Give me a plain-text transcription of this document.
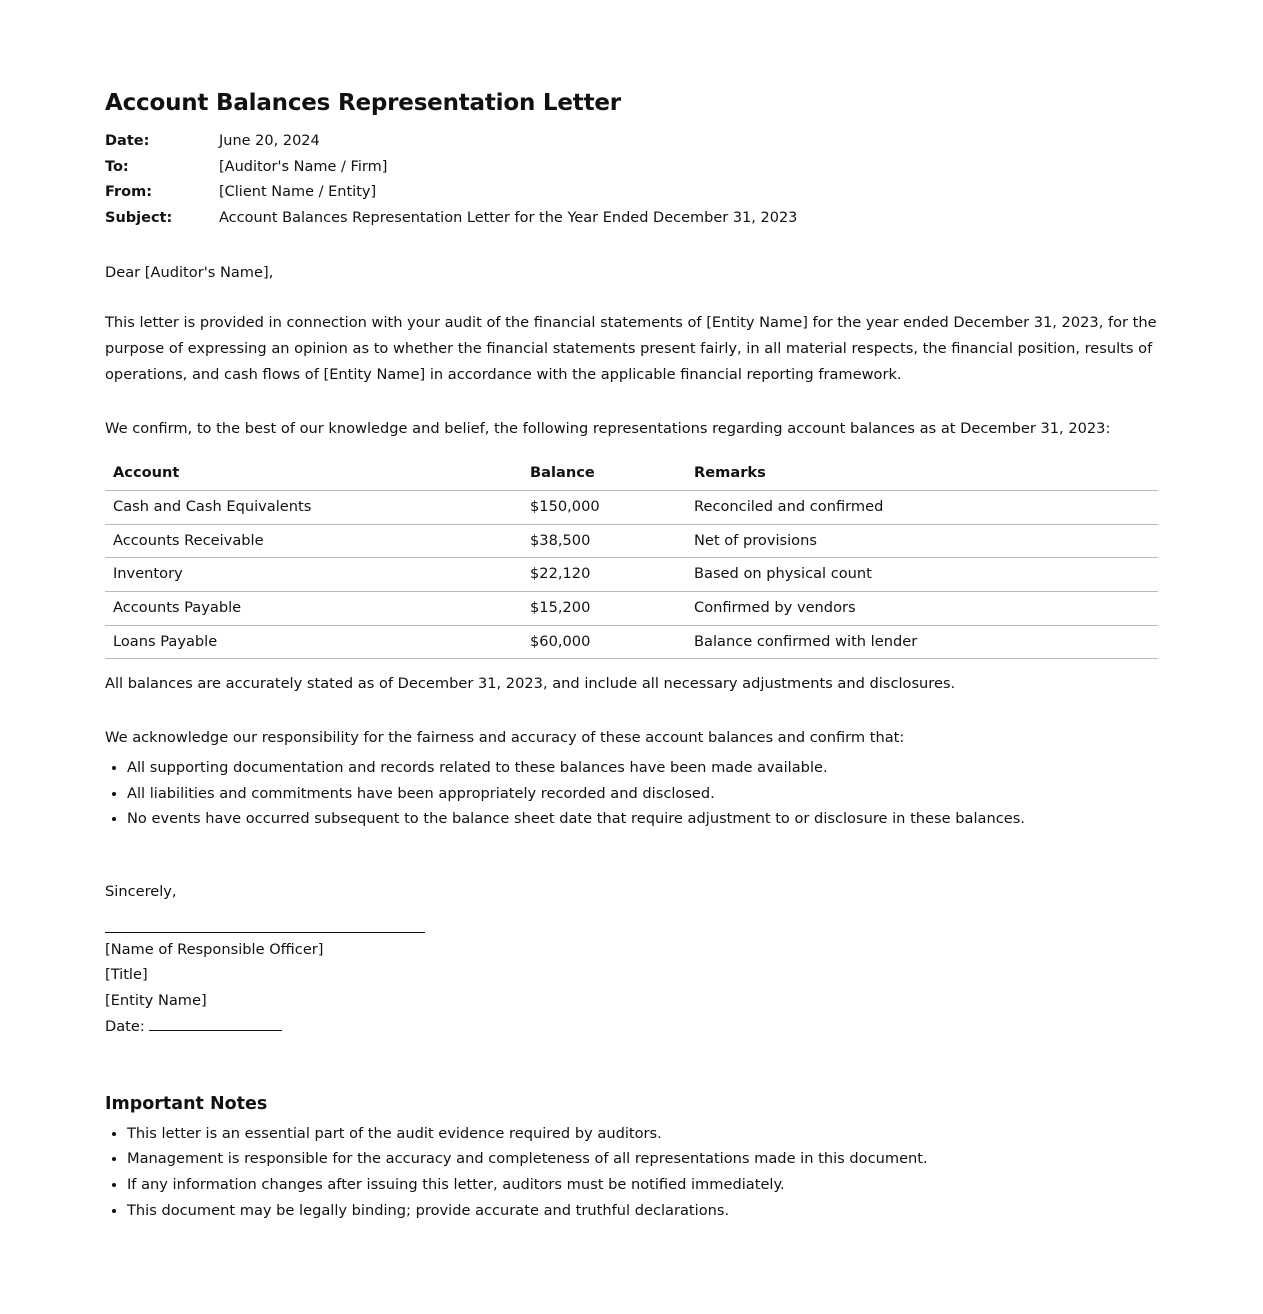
Account Balances Representation Letter
Date:	June 20, 2024
To:	[Auditor's Name / Firm]
From:	[Client Name / Entity]
Subject:	Account Balances Representation Letter for the Year Ended December 31, 2023

Dear [Auditor's Name],

This letter is provided in connection with your audit of the financial statements of [Entity Name] for the year ended December 31, 2023, for the purpose of expressing an opinion as to whether the financial statements present fairly, in all material respects, the financial position, results of operations, and cash flows of [Entity Name] in accordance with the applicable financial reporting framework.

We confirm, to the best of our knowledge and belief, the following representations regarding account balances as at December 31, 2023:

Account	Balance	Remarks
Cash and Cash Equivalents	$150,000	Reconciled and confirmed
Accounts Receivable	$38,500	Net of provisions
Inventory	$22,120	Based on physical count
Accounts Payable	$15,200	Confirmed by vendors
Loans Payable	$60,000	Balance confirmed with lender

All balances are accurately stated as of December 31, 2023, and include all necessary adjustments and disclosures.

We acknowledge our responsibility for the fairness and accuracy of these account balances and confirm that:

• All supporting documentation and records related to these balances have been made available.
• All liabilities and commitments have been appropriately recorded and disclosed.
• No events have occurred subsequent to the balance sheet date that require adjustment to or disclosure in these balances.

Sincerely,

[Name of Responsible Officer]
[Title]
[Entity Name]
Date:
Important Notes
• This letter is an essential part of the audit evidence required by auditors.
• Management is responsible for the accuracy and completeness of all representations made in this document.
• If any information changes after issuing this letter, auditors must be notified immediately.
• This document may be legally binding; provide accurate and truthful declarations.
